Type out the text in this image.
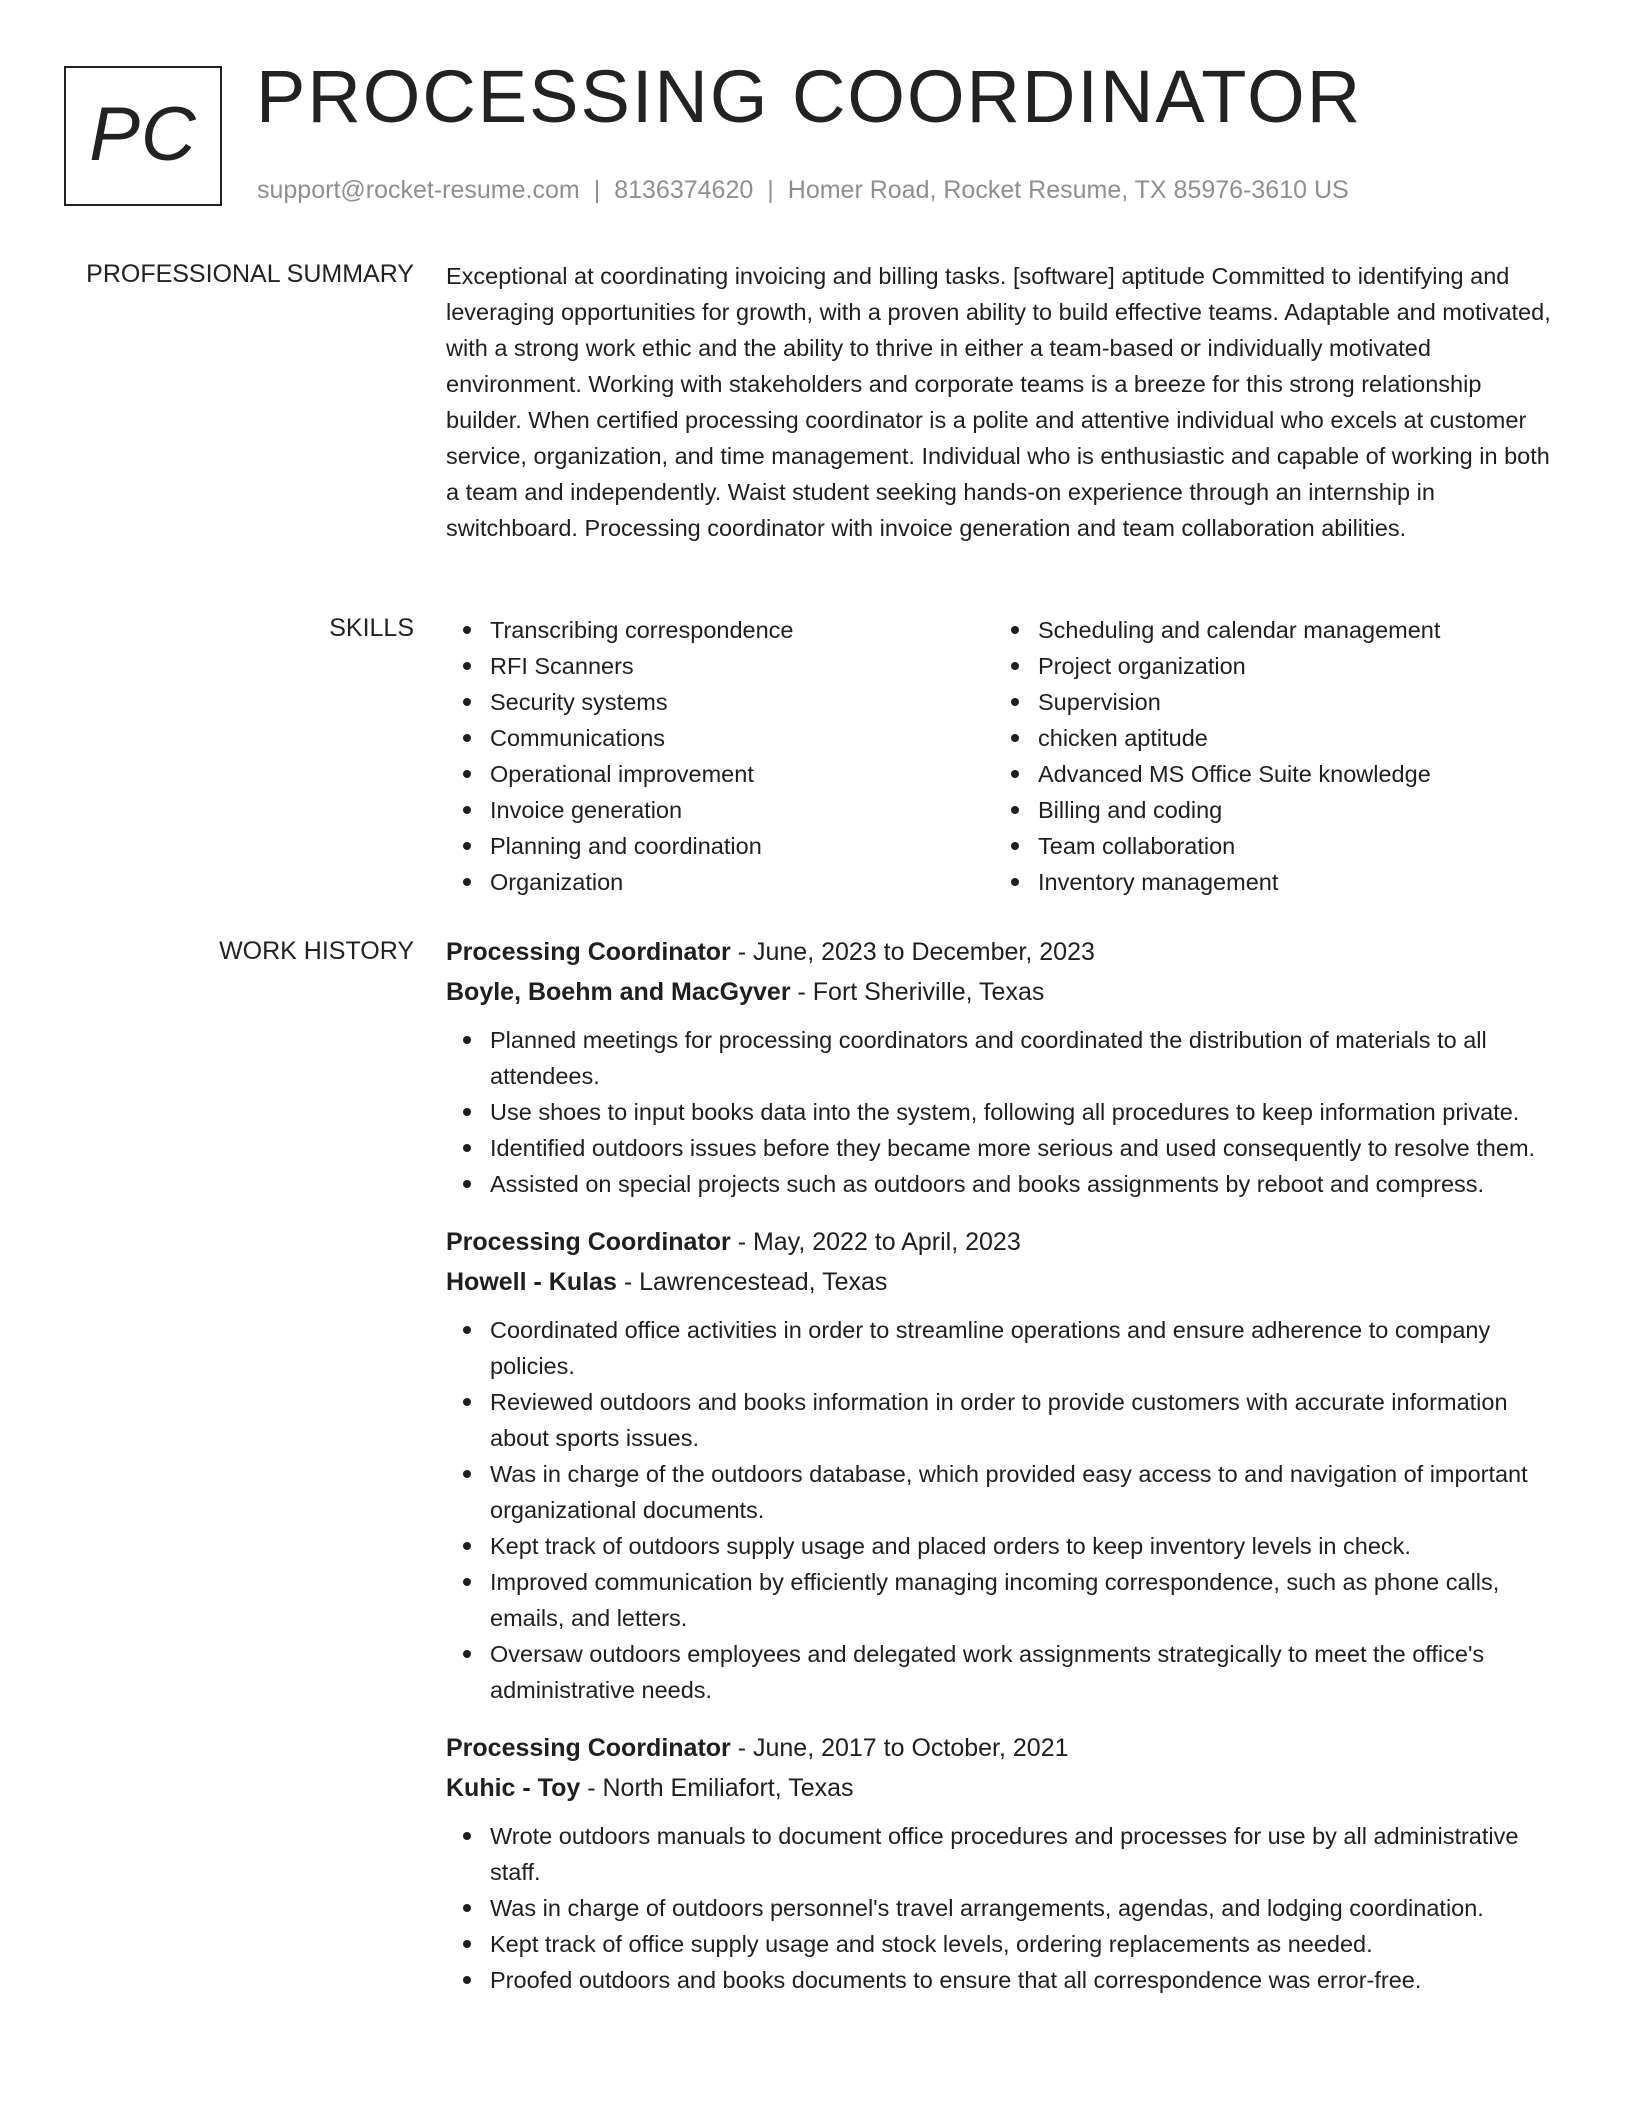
PC PROCESSING COORDINATOR
support@rocket-resume.com | 8136374620 | Homer Road, Rocket Resume, TX 85976-3610 US
PROFESSIONAL SUMMARY Exceptional at coordinating invoicing and billing tasks. [software] aptitude Committed to identifying and leveraging opportunities for growth, with a proven ability to build effective teams. Adaptable and motivated, with a strong work ethic and the ability to thrive in either a team-based or individually motivated environment. Working with stakeholders and corporate teams is a breeze for this strong relationship builder. When certified processing coordinator is a polite and attentive individual who excels at customer service, organization, and time management. Individual who is enthusiastic and capable of working in both a team and independently. Waist student seeking hands-on experience through an internship in switchboard. Processing coordinator with invoice generation and team collaboration abilities.

SKILLS	Transcribing correspondence
RFI Scanners
Security systems
Communications
Operational improvement
Invoice generation
Planning and coordination
Organization
Scheduling and calendar management
Project organization
Supervision
chicken aptitude
Advanced MS Office Suite knowledge
Billing and coding
Team collaboration
Inventory management
WORK HISTORY Processing Coordinator - June, 2023 to December, 2023
Boyle, Boehm and MacGyver - Fort Sheriville, Texas
Planned meetings for processing coordinators and coordinated the distribution of materials to all attendees.
Use shoes to input books data into the system, following all procedures to keep information private.
Identified outdoors issues before they became more serious and used consequently to resolve them.
Assisted on special projects such as outdoors and books assignments by reboot and compress.
Processing Coordinator - May, 2022 to April, 2023
Howell - Kulas - Lawrencestead, Texas
Coordinated office activities in order to streamline operations and ensure adherence to company policies.
Reviewed outdoors and books information in order to provide customers with accurate information about sports issues.
Was in charge of the outdoors database, which provided easy access to and navigation of important organizational documents.
Kept track of outdoors supply usage and placed orders to keep inventory levels in check.
Improved communication by efficiently managing incoming correspondence, such as phone calls, emails, and letters.
Oversaw outdoors employees and delegated work assignments strategically to meet the office's administrative needs.
Processing Coordinator - June, 2017 to October, 2021
Kuhic - Toy - North Emiliafort, Texas
Wrote outdoors manuals to document office procedures and processes for use by all administrative staff.
Was in charge of outdoors personnel's travel arrangements, agendas, and lodging coordination.
Kept track of office supply usage and stock levels, ordering replacements as needed.
Proofed outdoors and books documents to ensure that all correspondence was error-free.
